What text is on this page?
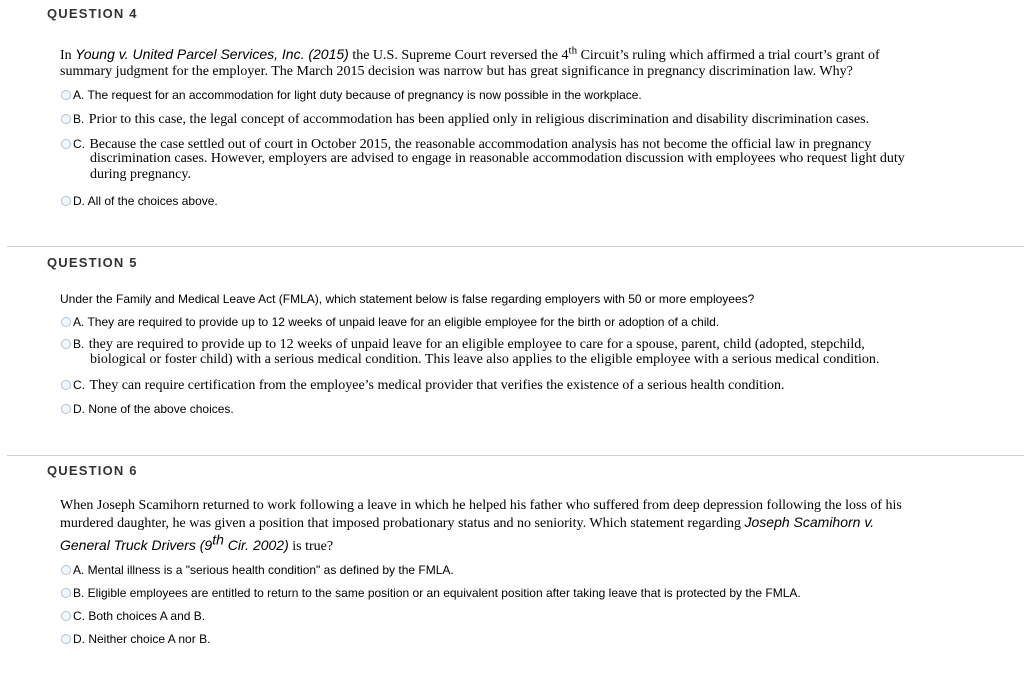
QUESTION 4
In Young v. United Parcel Services, Inc. (2015) the U.S. Supreme Court reversed the 4th Circuit’s ruling which affirmed a trial court’s grant of
summary judgment for the employer. The March 2015 decision was narrow but has great significance in pregnancy discrimination law. Why?
A. The request for an accommodation for light duty because of pregnancy is now possible in the workplace.
B. Prior to this case, the legal concept of accommodation has been applied only in religious discrimination and disability discrimination cases.
C. Because the case settled out of court in October 2015, the reasonable accommodation analysis has not become the official law in pregnancy
discrimination cases. However, employers are advised to engage in reasonable accommodation discussion with employees who request light duty
during pregnancy.
D. All of the choices above.
QUESTION 5
Under the Family and Medical Leave Act (FMLA), which statement below is false regarding employers with 50 or more employees?
A. They are required to provide up to 12 weeks of unpaid leave for an eligible employee for the birth or adoption of a child.
B. they are required to provide up to 12 weeks of unpaid leave for an eligible employee to care for a spouse, parent, child (adopted, stepchild,
biological or foster child) with a serious medical condition. This leave also applies to the eligible employee with a serious medical condition.
C. They can require certification from the employee’s medical provider that verifies the existence of a serious health condition.
D. None of the above choices.
QUESTION 6
When Joseph Scamihorn returned to work following a leave in which he helped his father who suffered from deep depression following the loss of his
murdered daughter, he was given a position that imposed probationary status and no seniority. Which statement regarding Joseph Scamihorn v.
General Truck Drivers (9th Cir. 2002) is true?
A. Mental illness is a "serious health condition" as defined by the FMLA.
B. Eligible employees are entitled to return to the same position or an equivalent position after taking leave that is protected by the FMLA.
C. Both choices A and B.
D. Neither choice A nor B.
